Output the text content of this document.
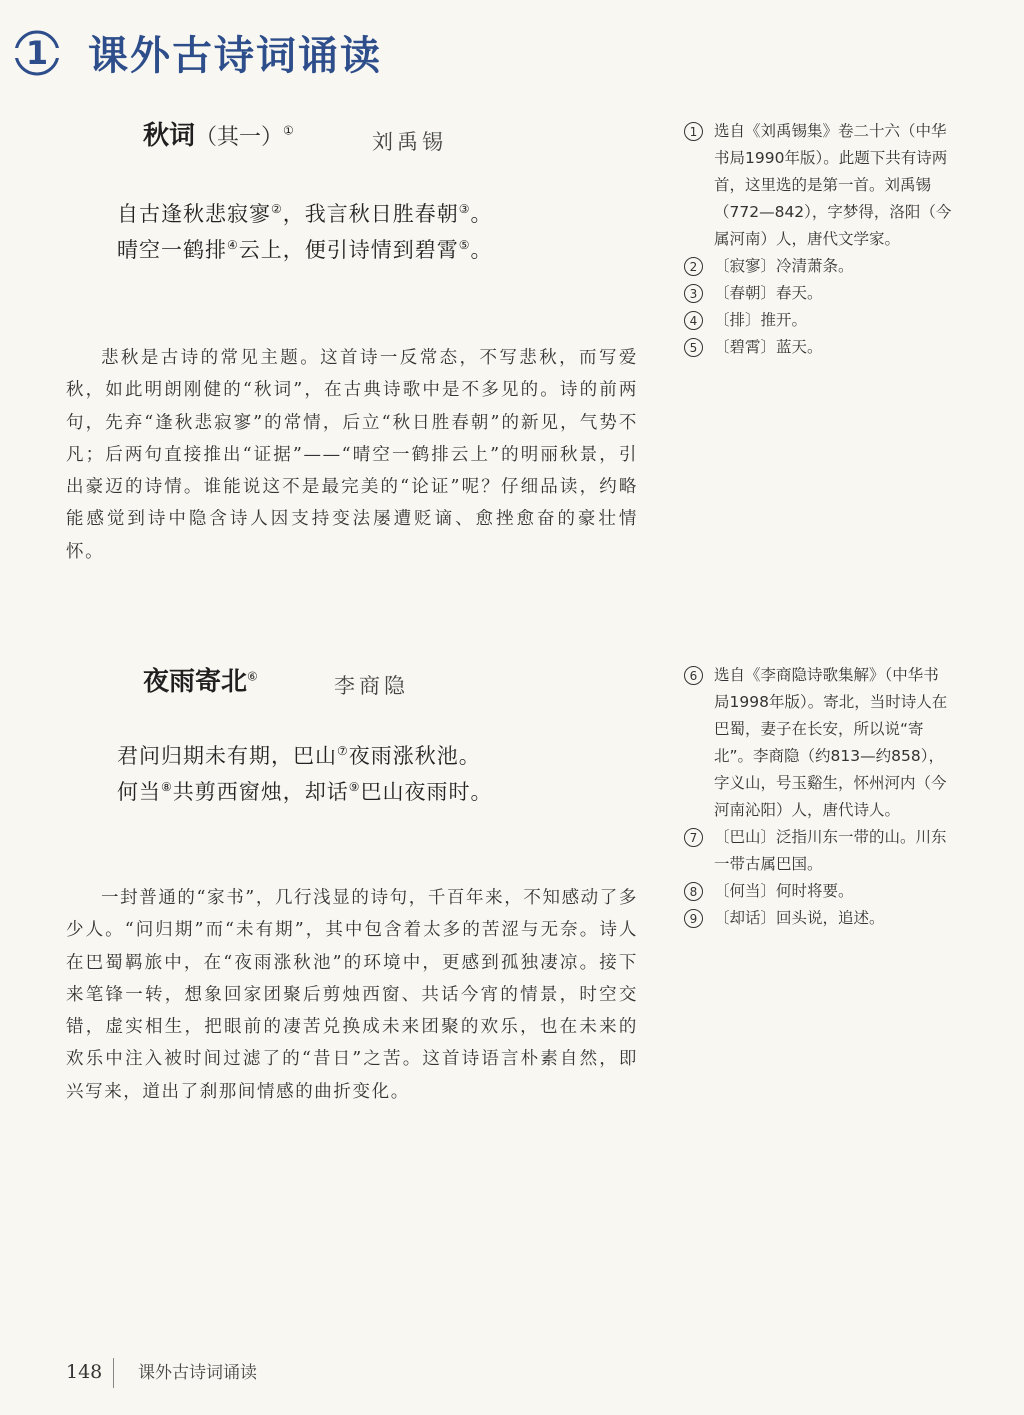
1 课外古诗词诵读
秋词（其一）①	刘禹锡
自古逢秋悲寂寥②，我言秋日胜春朝③。
晴空一鹤排④云上，便引诗情到碧霄⑤。

悲秋是古诗的常见主题。这首诗一反常态，不写悲秋，而写爱秋，如此明朗刚健的“秋词”，在古典诗歌中是不多见的。诗的前两句，先弃“逢秋悲寂寥”的常情，后立“秋日胜春朝”的新见，气势不凡；后两句直接推出“证据”——“晴空一鹤排云上”的明丽秋景，引出豪迈的诗情。谁能说这不是最完美的“论证”呢？仔细品读，约略能感觉到诗中隐含诗人因支持变法屡遭贬谪、愈挫愈奋的豪壮情怀。

1	选自《刘禹锡集》卷二十六（中华书局1990年版）。此题下共有诗两首，这里选的是第一首。刘禹锡（772—842），字梦得，洛阳（今属河南）人，唐代文学家。
2	〔寂寥〕冷清萧条。
3	〔春朝〕春天。
4	〔排〕推开。
5	〔碧霄〕蓝天。
夜雨寄北⑥	李商隐
君问归期未有期，巴山⑦夜雨涨秋池。
何当⑧共剪西窗烛，却话⑨巴山夜雨时。

一封普通的“家书”，几行浅显的诗句，千百年来，不知感动了多少人。“问归期”而“未有期”，其中包含着太多的苦涩与无奈。诗人在巴蜀羁旅中，在“夜雨涨秋池”的环境中，更感到孤独凄凉。接下来笔锋一转，想象回家团聚后剪烛西窗、共话今宵的情景，时空交错，虚实相生，把眼前的凄苦兑换成未来团聚的欢乐，也在未来的欢乐中注入被时间过滤了的“昔日”之苦。这首诗语言朴素自然，即兴写来，道出了刹那间情感的曲折变化。

6	选自《李商隐诗歌集解》（中华书局1998年版）。寄北，当时诗人在巴蜀，妻子在长安，所以说“寄北”。李商隐（约813—约858），字义山，号玉谿生，怀州河内（今河南沁阳）人，唐代诗人。
7	〔巴山〕泛指川东一带的山。川东一带古属巴国。
8	〔何当〕何时将要。
9	〔却话〕回头说，追述。
148 课外古诗词诵读
